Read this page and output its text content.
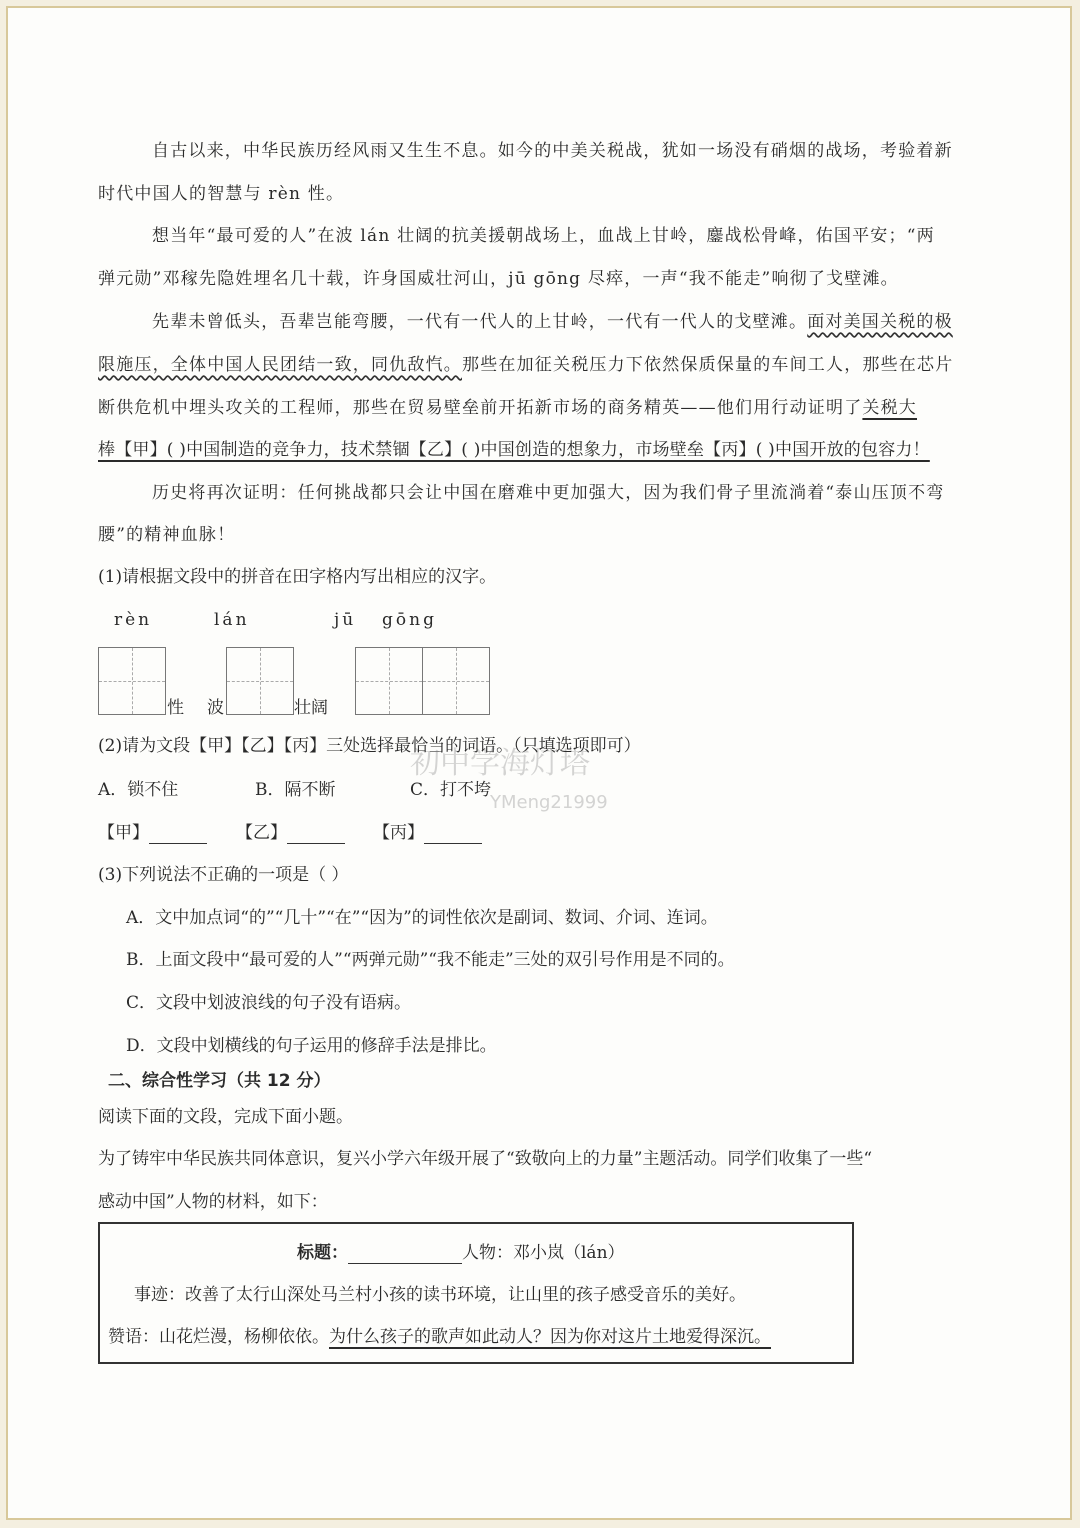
自古以来，中华民族历经风雨又生生不息。如今的中美关税战，犹如一场没有硝烟的战场，考验着新
时代中国人的智慧与 rèn 性。
想当年“最可爱的人”在波 lán 壮阔的抗美援朝战场上，血战上甘岭，鏖战松骨峰，佑国平安；“两
弹元勋”邓稼先隐姓埋名几十载，许身国威壮河山，jū gōng 尽瘁，一声“我不能走”响彻了戈壁滩。
先辈未曾低头，吾辈岂能弯腰，一代有一代人的上甘岭，一代有一代人的戈壁滩。面对美国关税的极
限施压，全体中国人民团结一致，同仇敌忾。那些在加征关税压力下依然保质保量的车间工人，那些在芯片
断供危机中埋头攻关的工程师，那些在贸易壁垒前开拓新市场的商务精英——他们用行动证明了关税大
棒【甲】( )中国制造的竞争力，技术禁锢【乙】( )中国创造的想象力，市场壁垒【丙】( )中国开放的包容力！
历史将再次证明：任何挑战都只会让中国在磨难中更加强大，因为我们骨子里流淌着“泰山压顶不弯
腰”的精神血脉！
(1)请根据文段中的拼音在田字格内写出相应的汉字。
rèn	lán	jū gōng
性 波	壮阔
初中学海灯塔
YMeng21999
(2)请为文段【甲】【乙】【丙】三处选择最恰当的词语。（只填选项即可）
A．锁不住	B．隔不断	C．打不垮
【甲】	【乙】	【丙】
(3)下列说法不正确的一项是（ ）
A．文中加点词“的”“几十”“在”“因为”的词性依次是副词、数词、介词、连词。
B．上面文段中“最可爱的人”“两弹元勋”“我不能走”三处的双引号作用是不同的。
C．文段中划波浪线的句子没有语病。
D．文段中划横线的句子运用的修辞手法是排比。
二、综合性学习（共 12 分）
阅读下面的文段，完成下面小题。
为了铸牢中华民族共同体意识，复兴小学六年级开展了“致敬向上的力量”主题活动。同学们收集了一些“
感动中国”人物的材料，如下：
标题：	人物：邓小岚（lán）
事迹：改善了太行山深处马兰村小孩的读书环境，让山里的孩子感受音乐的美好。
赞语：山花烂漫，杨柳依依。为什么孩子的歌声如此动人？因为你对这片土地爱得深沉。
